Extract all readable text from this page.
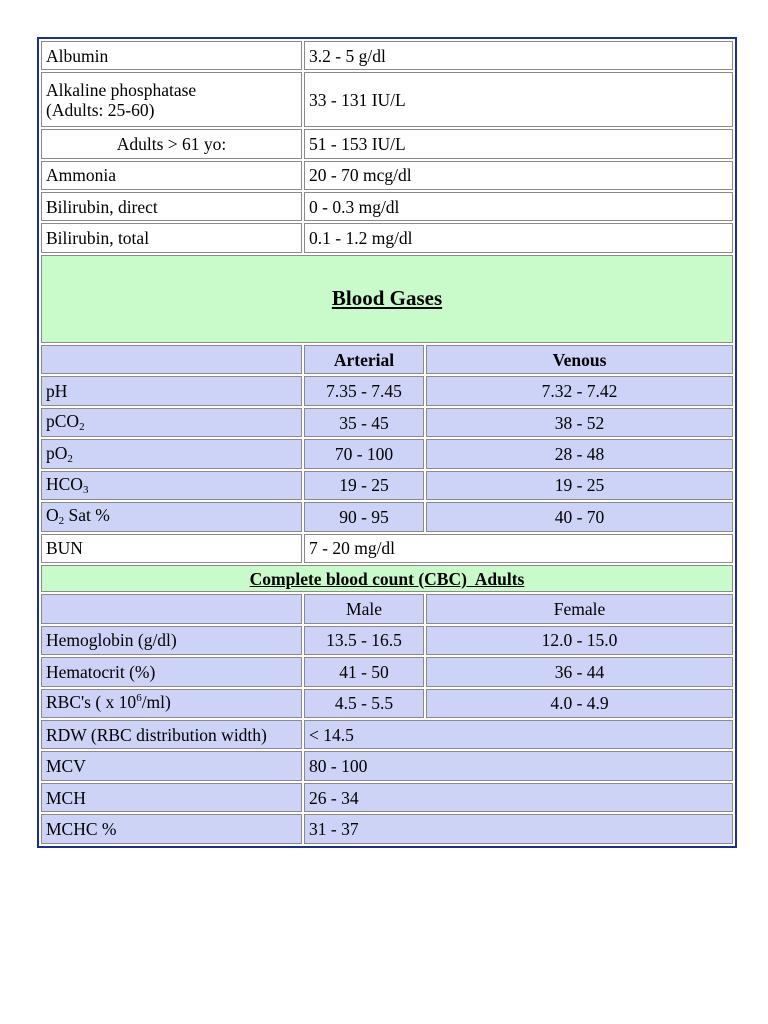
Albumin	3.2 - 5 g/dl	

Alkaline phosphatase
(Adults: 25-60)	33 - 131 IU/L	
Adults > 61 yo:	51 - 153 IU/L	
Ammonia	20 - 70 mcg/dl	
Bilirubin, direct	0 - 0.3 mg/dl	
Bilirubin, total	0.1 - 1.2 mg/dl	
Blood Gases		
	Arterial	Venous
pH	7.35 - 7.45	7.32 - 7.42
pCO2	35 - 45	38 - 52
pO2	70 - 100	28 - 48
HCO3	19 - 25	19 - 25
O2 Sat %	90 - 95	40 - 70
BUN	7 - 20 mg/dl	
Complete blood count (CBC)  Adults		
	Male	Female
Hemoglobin (g/dl)	13.5 - 16.5	12.0 - 15.0
Hematocrit (%)	41 - 50	36 - 44
RBC's ( x $10^6/ml$)	4.5 - 5.5	4.0 - 4.9
RDW (RBC distribution width)	< 14.5	
MCV	80 - 100	
MCH	26 - 34	
MCHC %	31 - 37	
